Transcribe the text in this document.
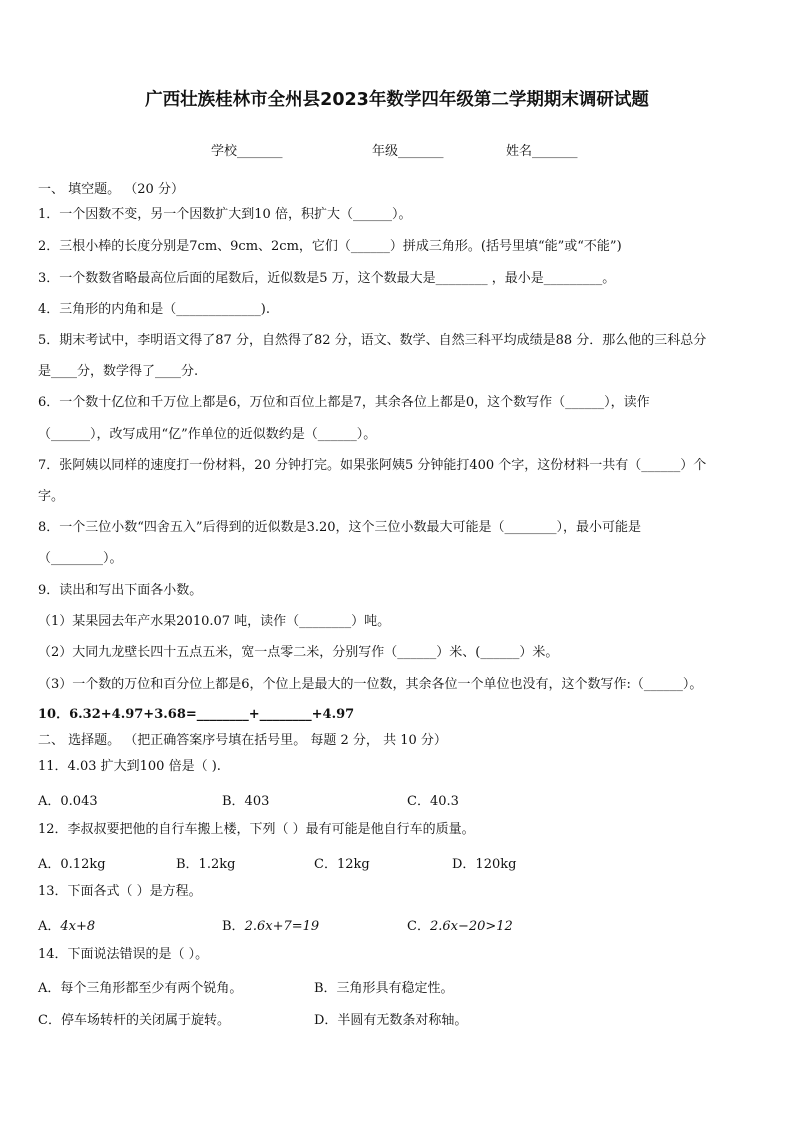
广西壮族桂林市全州县2023年数学四年级第二学期期末调研试题
学校_______	年级_______	姓名_______
一、 填空题。 （20 分）
1．一个因数不变，另一个因数扩大到10 倍，积扩大（______）。
2．三根小棒的长度分别是7cm、9cm、2cm，它们（______）拼成三角形。(括号里填“能”或“不能”)
3．一个数数省略最高位后面的尾数后，近似数是5 万，这个数最大是________ ，最小是_________。
4．三角形的内角和是（_____________).
5．期末考试中，李明语文得了87 分，自然得了82 分，语文、数学、自然三科平均成绩是88 分．那么他的三科总分
是____分，数学得了____分.
6．一个数十亿位和千万位上都是6，万位和百位上都是7，其余各位上都是0，这个数写作（______），读作
（______），改写成用“亿”作单位的近似数约是（______）。
7．张阿姨以同样的速度打一份材料，20 分钟打完。如果张阿姨5 分钟能打400 个字，这份材料一共有（______）个
字。
8．一个三位小数“四舍五入”后得到的近似数是3.20，这个三位小数最大可能是（________），最小可能是
（________）。
9．读出和写出下面各小数。
（1）某果园去年产水果2010.07 吨，读作（________）吨。
（2）大同九龙壁长四十五点五米，宽一点零二米，分别写作（______）米、(______）米。
（3）一个数的万位和百分位上都是6，个位上是最大的一位数，其余各位一个单位也没有，这个数写作:（______）。
10．6.32+4.97+3.68=________+________+4.97
二、 选择题。 （把正确答案序号填在括号里。 每题 2 分， 共 10 分）
11．4.03 扩大到100 倍是（ ).
A．0.043	B．403	C．40.3
12．李叔叔要把他的自行车搬上楼，下列（ ）最有可能是他自行车的质量。
A．0.12kg	B．1.2kg	C．12kg	D．120kg
13．下面各式（ ）是方程。
A．4x+8	B．2.6x+7=19	C．2.6x−20>12
14．下面说法错误的是（ ）。
A．每个三角形都至少有两个锐角。	B．三角形具有稳定性。
C．停车场转杆的关闭属于旋转。	D．半圆有无数条对称轴。
